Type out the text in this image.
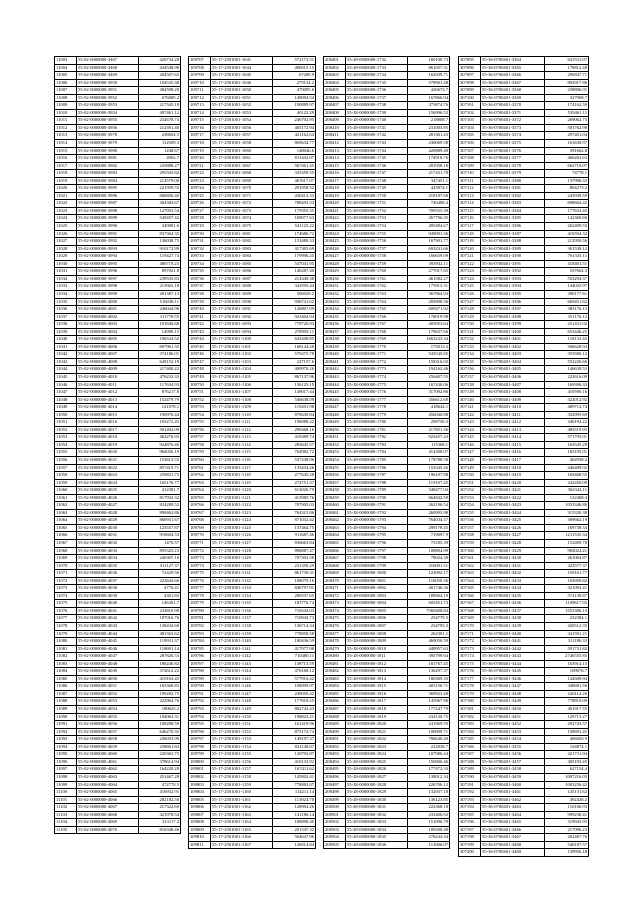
11003	55-02-0000000-3467	426734.28
11004	55-02-0000000-3468	434548.98
11005	55-02-0000000-3469	204567.63
11006	55-02-0000000-3950	104535.38
11007	55-02-0000000-3951	484598.20
11008	55-02-0000000-3952	676085.2
11009	55-02-0000000-3953	217545.18
11010	55-02-0000000-3954	487461.12
11011	55-02-0000000-3955	232678.74
11012	55-02-0000000-3956	212391.40
11013	55-02-0000000-3978	238604.5
11014	55-02-0000000-3979	112509.3
11015	55-02-0000000-3980	1248.67
11016	55-02-0000000-3981	4902.7
11017	55-02-0000000-3982	235888.27
11018	55-02-0000000-3983	295503.82
11019	55-02-0000000-3984	214579.00
11020	55-02-0000000-3985	221959.55
11021	55-02-0000000-3986	686856.40
11022	55-02-0000000-3987	364382.67
11023	55-02-0000000-3988	127953.54
11024	55-02-0000000-3989	549457.42
11025	55-02-0000000-3990	349081.6
11026	55-02-0000000-3991	837364.35
11027	55-02-0000000-3992	136038.75
11028	55-02-0000000-3993	910172.99
11029	55-02-0000000-3994	119427.74
11030	55-02-0000000-3995	486719.23
11031	55-02-0000000-3996	897021.8
11032	55-02-0000000-3997	239535.83
11033	55-02-0000000-3998	213902.18
11034	55-02-0000000-3999	281387.13
11035	55-02-0000000-4000	516038.11
11036	55-02-0000000-4001	246044.96
11037	55-02-0000000-4002	311770.55
11038	55-02-0000000-4003	191840.68
11039	55-02-0000000-4004	14990.15
11040	55-02-0000000-4005	106534.52
11041	55-02-0000000-4006	697961.35
11042	55-02-0000000-4007	374186.01
11043	55-02-0000000-4008	649152.19
11044	55-02-0000000-4009	217400.22
11045	55-02-0000000-4010	476232.33
11046	55-02-0000000-4011	117634.93
11047	55-02-0000000-4012	876217.8
11048	55-02-0000000-4013	152479.79
11049	55-02-0000000-4014	121078.1
11050	55-02-0000000-4015	190976.44
11051	55-02-0000000-4016	103272.45
11052	55-02-0000000-4017	501492.09
11053	55-02-0000000-4018	462276.93
11054	55-02-0000000-4019	924876.46
11055	55-02-0000000-4020	964056.19
11056	55-02-0000000-4021	153613.55
11057	55-02-0000000-4022	857419.71
11058	55-02-0000000-4023	259831.75
11059	55-02-0000000-4024	165176.77
11060	55-02-0000000-4025	412381.7
11061	55-02-0000000-4026	817932.32
11062	55-02-0000000-4027	824289.52
11063	55-02-0000000-4028	898462.86
11064	55-02-0000000-4029	860931.67
11065	55-02-0000000-4030	123557.87
11066	55-02-0000000-4031	910604.53
11067	55-02-0000000-4032	1476.57
11068	55-02-0000000-4033	895325.23
11069	55-02-0000000-4034	246307.16
11070	55-02-0000000-4035	311127.37
11071	55-02-0000000-4036	72429.56
11072	55-02-0000000-4037	223644.66
11073	55-02-0000000-4038	4776.41
11074	55-02-0000000-4039	4301.83
11075	55-02-0000000-4040	146361.7
11076	55-02-0000000-4041	234810.90
11077	55-02-0000000-4042	187016.76
11078	55-02-0000000-4043	138434.60
11079	55-02-0000000-4044	481363.62
11080	55-02-0000000-4045	119931.37
11081	55-02-0000000-4046	118691.14
11082	55-02-0000000-4047	287826.53
11083	55-02-0000000-4048	186246.82
11084	55-02-0000000-4049	372612.22
11085	55-02-0000000-4050	419163.45
11086	55-02-0000000-4051	165368.83
11087	55-02-0000000-4052	199282.75
11088	55-02-0000000-4053	222904.76
11089	55-02-0000000-4054	180625.2
11090	55-02-0000000-4055	184063.31
11091	55-02-0000000-4056	108288.59
11092	55-02-0000000-4057	646270.35
11093	55-02-0000000-4058	236053.99
11094	55-02-0000000-4059	258661.84
11095	55-02-0000000-4060	220363.75
11096	55-02-0000000-4061	378614.94
11097	55-02-0000000-4062	164220.20
11098	55-02-0000000-4063	251467.28
11099	55-02-0000000-4064	472770.5
11100	55-02-0000000-4065	416932.91
11101	55-02-0000000-4066	282182.50
11102	55-02-0000000-4067	217322.69
11103	55-02-0000000-4068	321978.54
11104	55-02-0000000-4069	313117.2
11105	55-02-0000000-4070	816348.46
109707	55-17-2501001-1041	572173.51
109708	55-17-2501001-1044	480015.15
109709	55-17-2501001-1045	67289.9
109710	55-17-2501001-1046	279134.2
109711	55-17-2501001-1050	479095.6
109712	55-17-2501001-1051	149094.54
109713	55-17-2501001-1052	190889.97
109714	55-17-2501001-1053	40123.29
109715	55-17-2501001-1054	246702.95
109716	55-17-2501001-1056	405172.94
109717	55-17-2501001-1057	421162.64
109718	55-17-2501001-1058	869634.77
109719	55-17-2501001-1060	148046.6
109720	55-17-2501001-1061	811432.87
109721	55-17-2501001-1067	567461.45
109722	55-17-2501001-1068	335359.55
109723	55-17-2501001-1069	467617.07
109724	55-17-2501001-1070	291958.52
109725	55-17-2501001-1071	430413.33
109726	55-17-2501001-1072	788493.53
109727	55-17-2501001-1073	175953.35
109728	55-17-2501001-1074	169077.63
109729	55-17-2501001-1075	541125.22
109730	55-17-2501001-1081	174686.72
109731	55-17-2501001-1082	153480.33
109732	55-17-2501001-1083	417305.69
109733	55-17-2501001-1084	179996.25
109734	55-17-2501001-1085	547041.95
109735	55-17-2501001-1086	146287.40
109736	55-17-2501001-1087	214349.38
109737	55-17-2501001-1088	343595.44
109738	55-17-2501001-1089	506029.2
109739	55-17-2501001-1090	936741.62
109740	55-17-2501001-1091	126807.09
109741	55-17-2501001-1092	923404.94
109742	55-17-2501001-1093	770720.93
109743	55-17-2501001-1094	278959.11
109744	55-17-2501001-1100	645208.85
109745	55-17-2501001-1101	168144.28
109746	55-17-2501001-1102	570475.78
109747	55-17-2501001-1103	227157.6
109748	55-17-2501001-1104	409970.26
109749	55-17-2501001-1105	867137.96
109750	55-17-2501001-1106	136125.15
109751	55-17-2501001-1107	149017.44
109752	55-17-2501001-1108	546638.09
109753	55-17-2501001-1109	119201.98
109754	55-17-2501001-1110	870639.84
109755	55-17-2501001-1111	196088.22
109756	55-17-2501001-1112	290468.16
109757	55-17-2501001-1113	410389.74
109758	55-17-2501001-1114	283645.57
109759	55-17-2501001-1115	764982.72
109760	55-17-2501001-1116	537238.96
109761	55-17-2501001-1117	133434.26
109762	55-17-2501001-1118	277645.28
109763	55-17-2501001-1119	274751.37
109764	55-17-2501001-1120	613026.79
109765	55-17-2501001-1121	413985.76
109766	55-17-2501001-1122	707905.03
109767	55-17-2501001-1123	764315.86
109768	55-17-2501001-1124	871032.42
109769	55-17-2501001-1125	137464.75
109770	55-17-2501001-1126	911687.46
109771	55-17-2501001-1127	836663.84
109772	55-17-2501001-1128	896887.47
109773	55-17-2501001-1129	707303.58
109774	55-17-2501001-1130	231350.29
109775	55-17-2501001-1131	861739.31
109776	55-17-2501001-1132	108079.16
109777	55-17-2501001-1133	846797.81
109778	55-17-2501001-1134	280537.65
109779	55-17-2501001-1135	183776.74
109780	55-17-2501001-1136	716543.03
109781	55-17-2501001-1137	710943.73
109782	55-17-2501001-1138	136714.34
109783	55-17-2501001-1139	778858.58
109784	55-17-2501001-1140	180436.59
109785	55-17-2501001-1141	417977.98
109786	55-17-2501001-1142	710480.11
109787	55-17-2501001-1143	138713.59
109788	55-17-2501001-1144	476168.12
109789	55-17-2501001-1145	577916.42
109790	55-17-2501001-1146	108999.97
109791	55-17-2501001-1147	249050.42
109792	55-17-2501001-1148	177818.25
109793	55-17-2501001-1149	862742.43
109794	55-17-2501001-1150	198823.21
109795	55-17-2501001-1151	161419.96
109796	55-17-2501001-1152	875174.74
109797	55-17-2501001-1153	149197.37
109798	55-17-2501001-1154	821148.87
109799	55-17-2501001-1155	120793.87
109800	55-17-2501001-1156	410133.92
109801	55-17-2501001-1157	167411.62
109802	55-17-2501001-1158	145802.41
109803	55-17-2501001-1159	778883.07
109804	55-17-2501001-1160	114211.14
109805	55-17-2501001-1161	113924.70
109806	55-17-2501001-1162	128904.26
109807	55-17-2501001-1163	141186.14
109808	55-17-2501001-1164	108898.40
109809	55-17-2501001-1165	201547.32
109810	55-17-2501001-1166	564647.96
109811	55-17-2501001-1167	126914.84
208401	55-28-0000000-1732	160100.73
208402	55-28-0000000-1733	861657.31
208403	55-28-0000000-1734	162939.71
208404	55-28-0000000-1735	578901.48
208405	55-28-0000000-1736	426673.7
208406	55-28-0000000-1737	167866.94
208407	55-28-0000000-1738	373874.76
208408	55-28-0000000-1739	156996.52
208409	55-28-0000000-1740	218808.7
208410	55-28-0000000-1741	231003.85
208411	55-28-0000000-1742	281301.43
208412	55-28-0000000-1743	230069.58
208413	55-28-0000000-1744	426889.49
208414	55-28-0000000-1745	174918.76
208415	55-28-0000000-1746	281958.18
208416	55-28-0000000-1747	217431.78
208417	55-28-0000000-1748	347451.1
208418	55-28-0000000-1749	425874.1
208419	55-28-0000000-1750	218187.68
208420	55-28-0000000-1751	740488.4
208421	55-28-0000000-1752	709555.39
208422	55-28-0000000-1753	267796.35
208423	55-28-0000000-1754	495494.67
208424	55-28-0000000-1755	949091.36
208425	55-28-0000000-1756	167901.77
208426	55-28-0000000-1757	693231.66
208427	55-28-0000000-1758	166659.09
208428	55-28-0000000-1759	393932.11
208429	55-28-0000000-1760	277017.65
208430	55-28-0000000-1761	461582.27
208431	55-28-0000000-1762	175913.31
208432	55-28-0000000-1763	367864.93
208433	55-28-0000000-1764	285898.36
208434	55-28-0000000-1765	609471.92
208435	55-28-0000000-1766	176019.98
208436	55-28-0000000-1767	405053.64
208437	55-28-0000000-1768	179637.66
208438	55-28-0000000-1769	1663233.34
208439	55-28-0000000-1770	175013.3
208440	55-28-0000000-1771	543545.65
208441	55-28-0000000-1772	158316.02
208442	55-28-0000000-1773	194162.46
208443	55-28-0000000-1774	256407.55
208444	55-28-0000000-1775	167430.06
208445	55-28-0000000-1776	317092.86
208446	55-28-0000000-1777	356612.69
208447	55-28-0000000-1778	418644.1
208448	55-28-0000000-1779	456040.88
208449	55-28-0000000-1780	298756.5
208450	55-28-0000000-1781	217851.36
208451	55-28-0000000-1782	923457.43
208452	55-28-0000000-1783	115368.1
208453	55-28-0000000-1784	414308.07
208454	55-28-0000000-1785	178788.58
208455	55-28-0000000-1786	153345.26
208456	55-28-0000000-1787	196107.98
208457	55-28-0000000-1788	119107.45
208458	55-28-0000000-1789	348477.03
208459	55-28-0000000-1790	664842.59
208460	55-28-0000000-1791	262196.54
208461	55-28-0000000-1792	260993.98
208462	55-28-0000000-1793	764034.37
208463	55-28-0000000-1794	299178.45
208464	55-28-0000000-1795	719097.9
208465	55-28-0000000-1796	75185.39
208466	55-28-0000000-1797	108804.99
208467	55-28-0000000-1798	78024.39
208468	55-28-0000000-1799	316091.51
208469	55-28-0000000-1800	123092.17
208470	55-28-0000000-1801	116050.36
208471	55-28-0000000-1802	401746.36
208472	55-28-0000000-1803	188964.19
208473	55-28-0000000-1804	605451.73
208474	55-28-0000000-1805	7560408.84
208475	55-28-0000000-1806	254779.5
208476	55-28-0000000-1807	234793.3
208477	55-28-0000000-1808	262301.1
208478	55-28-0000000-1809	469056.59
208479	55-28-0000000-1810	449957.63
208480	55-28-0000000-1811	395799.64
208481	55-28-0000000-1812	181767.45
208482	55-28-0000000-1813	136297.37
208483	55-28-0000000-1814	186309.35
208484	55-28-0000000-1815	403156.71
208485	55-28-0000000-1816	369923.48
208486	55-28-0000000-1817	145967.96
208487	55-28-0000000-1818	177247.79
208488	55-28-0000000-1819	234130.75
208489	55-28-0000000-1820	241969.59
208490	55-28-0000000-1821	100099.71
208491	55-28-0000000-1822	786640.49
208492	55-28-0000000-1823	222938.7
208493	55-28-0000000-1824	107986.44
208494	55-28-0000000-1825	156906.46
208495	55-28-0000000-1826	177472.33
208496	55-28-0000000-1827	138012.34
208497	55-28-0000000-1828	226706.12
208498	55-28-0000000-1829	132937.18
208499	55-28-0000000-1830	136123.85
208500	55-28-0000000-1831	222368.18
208501	55-28-0000000-1832	233406.92
208502	55-28-0000000-1833	151096.79
208503	55-28-0000000-1834	189208.48
208504	55-28-0000000-1835	278244.34
208505	55-28-0000000-1836	113006.07
307095	55-36-0700401-3364	641531.07
307096	55-36-0700401-3365	178812.48
307097	55-36-0700401-3366	290847.71
307098	55-36-0700401-3367	892917.86
307099	55-36-0700401-3368	238806.01
307100	55-36-0700401-3369	327968.7
307101	55-36-0700401-3370	174162.59
307102	55-36-0700401-3371	539461.11
307103	55-36-0700401-3372	269062.73
307104	55-36-0700401-3373	503762.98
307105	55-36-0700401-3374	297401.04
307106	55-36-0700401-3375	161638.97
307107	55-36-0700401-3376	391662.8
307108	55-36-0700401-3377	466263.63
307109	55-36-0700401-3378	662719.07
307110	55-36-0700401-3379	74778.1
307111	55-36-0700401-3380	137996.33
307112	55-36-0700401-3381	804273.2
307113	55-36-0700401-3382	243939.59
307114	55-36-0700401-3383	698664.42
307115	55-36-0700401-3384	177633.45
307116	55-36-0700401-3385	142369.66
307117	55-36-0700401-3386	262409.53
307118	55-36-0700401-3387	416594.32
307119	55-36-0700401-3388	212950.56
307120	55-36-0700401-3389	361538.12
307121	55-36-0700401-3390	761335.11
307122	55-36-0700401-3391	418401.51
307123	55-36-0700401-3392	557664.3
307124	55-36-0700401-3393	553294.37
307125	55-36-0700401-3394	144025.97
307126	55-36-0700401-3395	390177.61
307127	55-36-0700401-3396	669451.62
307128	55-36-0700401-3397	383176.13
307129	55-36-0700401-3398	351176.12
307130	55-36-0700401-3399	251431.02
307131	55-36-0700401-3400	653446.25
307132	55-36-0700401-3401	118133.43
307133	55-36-0700401-3402	566628.94
307134	55-36-0700401-3403	353580.12
307135	55-36-0700401-3404	552226.66
307136	55-36-0700401-3405	146639.53
307137	55-36-0700401-3406	222616.09
307138	55-36-0700401-3407	169396.33
307139	55-36-0700401-3408	410590.16
307140	55-36-0700401-3409	322012.92
307141	55-36-0700401-3410	489712.74
307142	55-36-0700401-3411	332995.69
307143	55-36-0700401-3412	340194.22
307144	55-36-0700401-3413	483519.95
307145	55-36-0700401-3414	571795.01
307146	55-36-0700401-3415	163545.28
307147	55-36-0700401-3416	183195.01
307148	55-36-0700401-3417	402938.4
307149	55-36-0700401-3418	446409.02
307150	55-36-0700401-3419	169468.55
307151	55-36-0700401-3420	242450.09
307152	55-36-0700401-3421	362342.11
307153	55-36-0700401-3422	122468.4
307154	55-36-0700401-3423	1053346.86
307155	55-36-0700401-3424	315330.38
307156	55-36-0700401-3425	309662.19
307157	55-36-0700401-3426	169738.34
307158	55-36-0700401-3427	1211535.34
307159	55-36-0700401-3428	152409.78
307160	55-36-0700401-3429	982022.21
307161	55-36-0700401-3430	261064.87
307162	55-36-0700401-3431	323577.37
307163	55-36-0700401-3432	159161.77
307164	55-36-0700401-3433	102950.82
307165	55-36-0700401-3434	321093.41
307166	55-36-0700401-3435	572138.87
307167	55-36-0700401-3436	1109617.93
307168	55-36-0700401-3437	1553386.13
307169	55-36-0700401-3438	232384.1
307170	55-36-0700401-3439	426512.35
307171	55-36-0700401-3440	341591.21
307172	55-36-0700401-3441	311186.33
307173	55-36-0700401-3442	591731.82
307174	55-36-0700401-3443	2746555.85
307175	55-36-0700401-3444	163914.15
307176	55-36-0700401-3445	109076.7
307177	55-36-0700401-3446	142609.94
307178	55-36-0700401-3447	348681.56
307179	55-36-0700401-3448	226114.26
307180	55-36-0700401-3449	778810.09
307181	55-36-0700401-3450	461917.55
307182	55-36-0700401-3451	129713.27
307183	55-36-0700401-3452	292743.57
307184	55-36-0700401-3453	158691.45
307185	55-36-0700401-3454	406003.9
307186	55-36-0700401-3455	104874.1
307187	55-36-0700401-3456	421731.94
307188	55-36-0700401-3457	405193.45
307189	55-36-0700401-3458	627154.4
307190	55-36-0700401-3459	1097216.03
307191	55-36-0700401-3460	1003256.42
307192	55-36-0700401-3461	145131.62
307193	55-36-0700401-3462	492426.2
307194	55-36-0700401-3463	110106.93
307195	55-36-0700401-3464	999238.41
307196	55-36-0700401-3465	319945.95
307197	55-36-0700401-3466	217096.23
307198	55-36-0700401-3467	202487.76
307199	55-36-0700401-3468	546187.57
307200	55-36-0700401-3469	139956.18
